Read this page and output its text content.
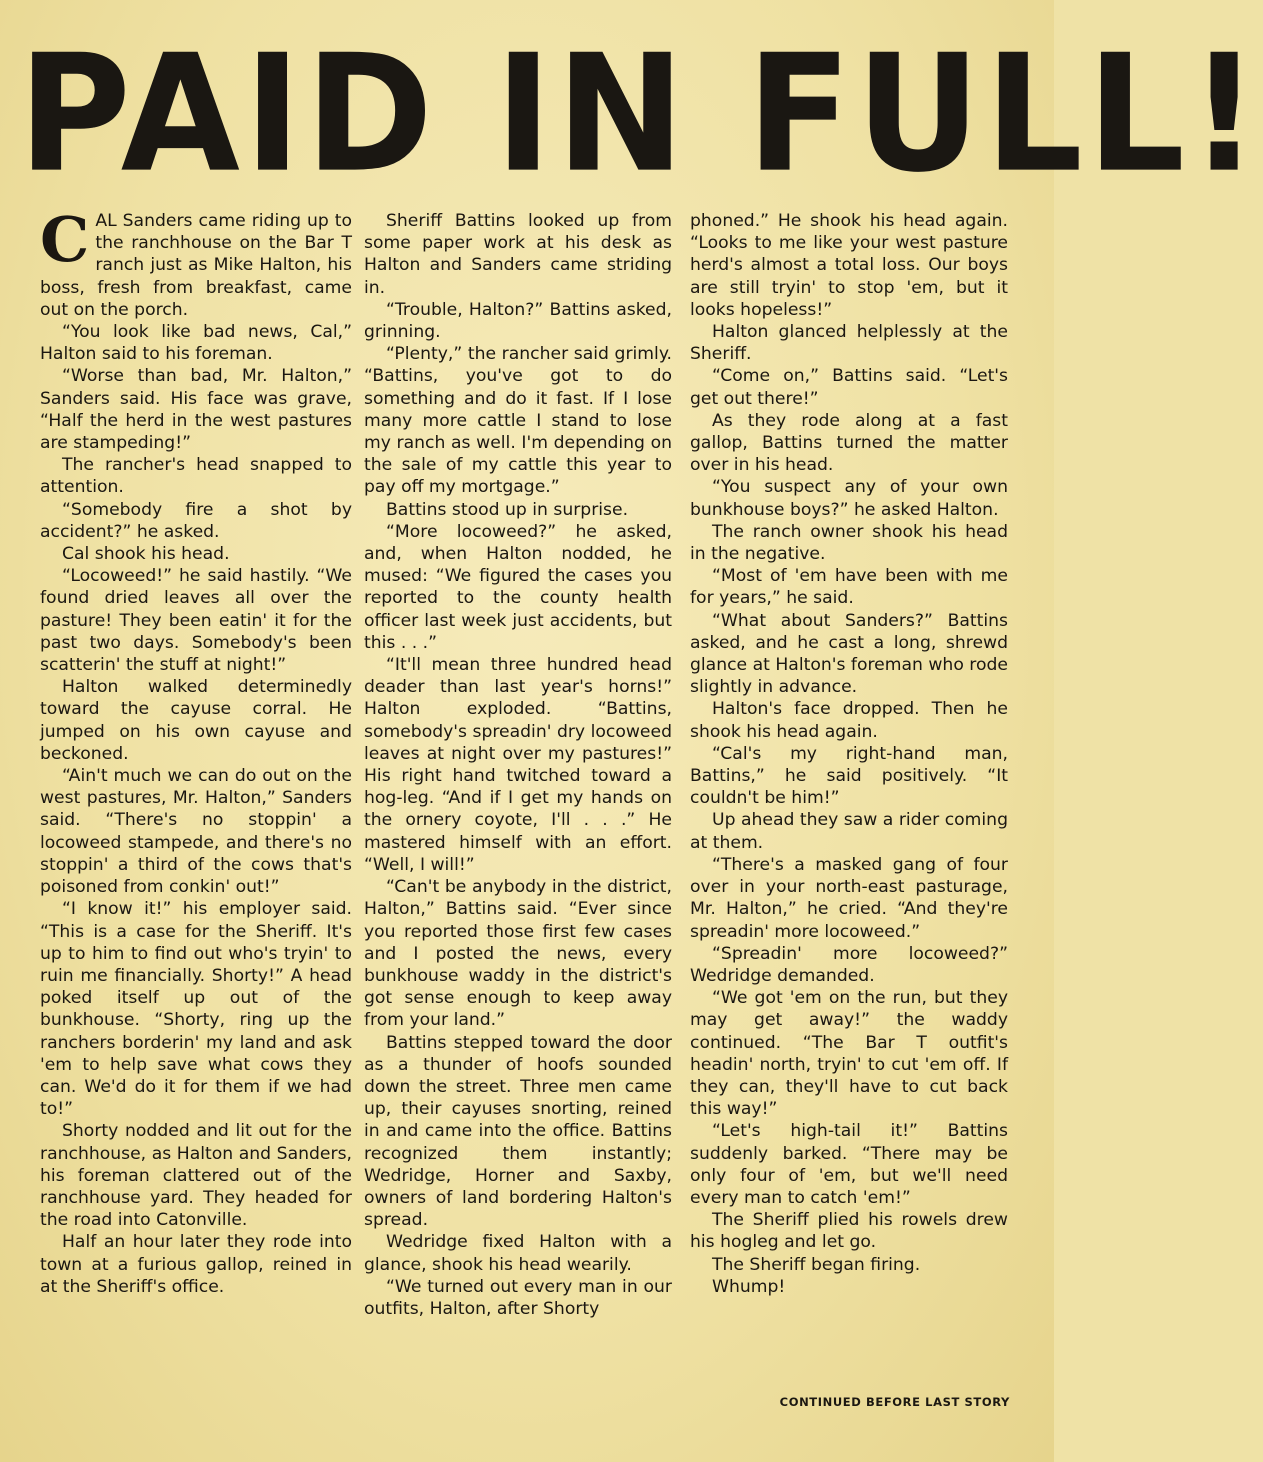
PAID IN FULL!

CAL Sanders came riding up to the ranchhouse on the Bar T ranch just as Mike Halton, his boss, fresh from breakfast, came out on the porch.

“You look like bad news, Cal,” Halton said to his foreman.

“Worse than bad, Mr. Halton,” Sanders said. His face was grave, “Half the herd in the west pastures are stampeding!”

The rancher's head snapped to attention.

“Somebody fire a shot by accident?” he asked.

Cal shook his head.

“Locoweed!” he said hastily. “We found dried leaves all over the pasture! They been eatin' it for the past two days. Somebody's been scatterin' the stuff at night!”

Halton walked determinedly toward the cayuse corral. He jumped on his own cayuse and beckoned.

“Ain't much we can do out on the west pastures, Mr. Halton,” Sanders said. “There's no stoppin' a locoweed stampede, and there's no stoppin' a third of the cows that's poisoned from conkin' out!”

“I know it!” his employer said. “This is a case for the Sheriff. It's up to him to find out who's tryin' to ruin me financially. Shorty!” A head poked itself up out of the bunkhouse. “Shorty, ring up the ranchers borderin' my land and ask 'em to help save what cows they can. We'd do it for them if we had to!”

Shorty nodded and lit out for the ranchhouse, as Halton and Sanders, his foreman clattered out of the ranchhouse yard. They headed for the road into Catonville.

Half an hour later they rode into town at a furious gallop, reined in at the Sheriff's office.

Sheriff Battins looked up from some paper work at his desk as Halton and Sanders came striding in.

“Trouble, Halton?” Battins asked, grinning.

“Plenty,” the rancher said grimly. “Battins, you've got to do something and do it fast. If I lose many more cattle I stand to lose my ranch as well. I'm depending on the sale of my cattle this year to pay off my mortgage.”

Battins stood up in surprise.

“More locoweed?” he asked, and, when Halton nodded, he mused: “We figured the cases you reported to the county health officer last week just accidents, but this . . .”

“It'll mean three hundred head deader than last year's horns!” Halton exploded. “Battins, somebody's spreadin' dry locoweed leaves at night over my pastures!” His right hand twitched toward a hog-leg. “And if I get my hands on the ornery coyote, I'll . . .” He mastered himself with an effort. “Well, I will!”

“Can't be anybody in the district, Halton,” Battins said. “Ever since you reported those first few cases and I posted the news, every bunkhouse waddy in the district's got sense enough to keep away from your land.”

Battins stepped toward the door as a thunder of hoofs sounded down the street. Three men came up, their cayuses snorting, reined in and came into the office. Battins recognized them instantly; Wedridge, Horner and Saxby, owners of land bordering Halton's spread.

Wedridge fixed Halton with a glance, shook his head wearily.

“We turned out every man in our outfits, Halton, after Shorty

phoned.” He shook his head again. “Looks to me like your west pasture herd's almost a total loss. Our boys are still tryin' to stop 'em, but it looks hopeless!”

Halton glanced helplessly at the Sheriff.

“Come on,” Battins said. “Let's get out there!”

As they rode along at a fast gallop, Battins turned the matter over in his head.

“You suspect any of your own bunkhouse boys?” he asked Halton.

The ranch owner shook his head in the negative.

“Most of 'em have been with me for years,” he said.

“What about Sanders?” Battins asked, and he cast a long, shrewd glance at Halton's foreman who rode slightly in advance.

Halton's face dropped. Then he shook his head again.

“Cal's my right-hand man, Battins,” he said positively. “It couldn't be him!”

Up ahead they saw a rider coming at them.

“There's a masked gang of four over in your north-east pasturage, Mr. Halton,” he cried. “And they're spreadin' more locoweed.”

“Spreadin' more locoweed?” Wedridge demanded.

“We got 'em on the run, but they may get away!” the waddy continued. “The Bar T outfit's headin' north, tryin' to cut 'em off. If they can, they'll have to cut back this way!”

“Let's high-tail it!” Battins suddenly barked. “There may be only four of 'em, but we'll need every man to catch 'em!”

The Sheriff plied his rowels drew his hogleg and let go.

The Sheriff began firing.

Whump!

CONTINUED BEFORE LAST STORY
